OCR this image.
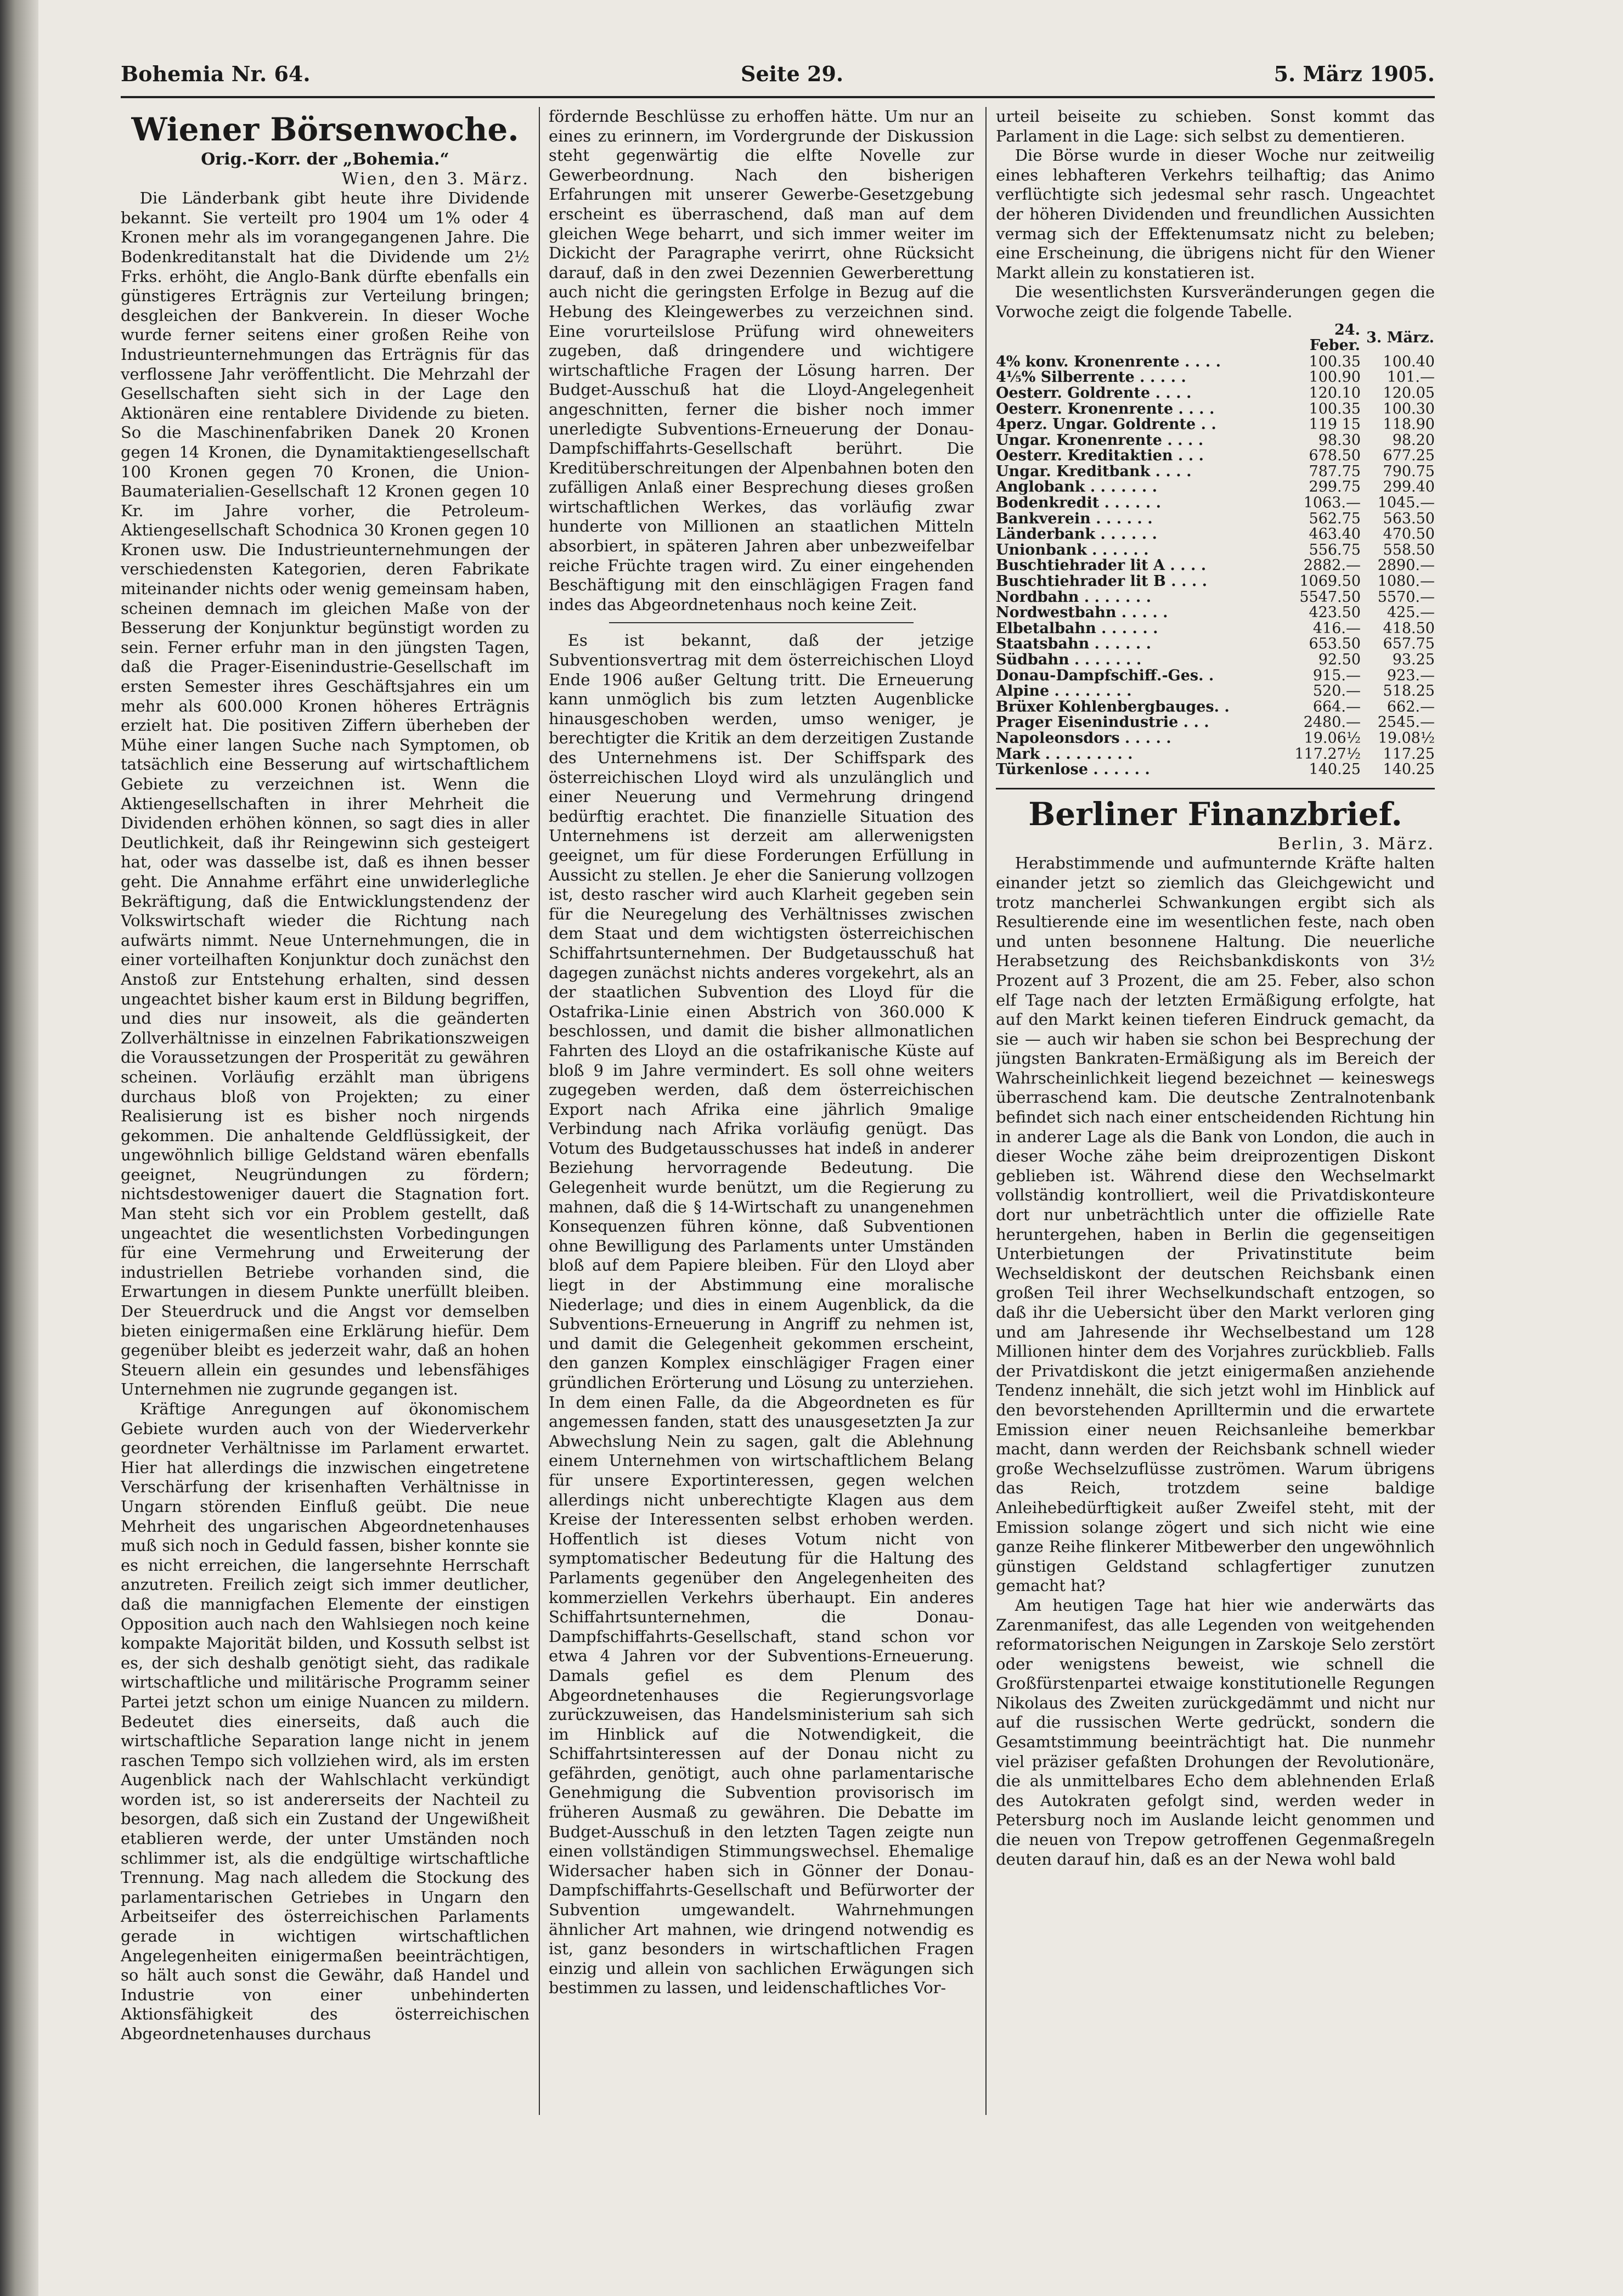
Bohemia Nr. 64.	Seite 29.	5. März 1905.
Wiener Börsenwoche.

Orig.-Korr. der „Bohemia.“

Wien, den 3. März.

Die Länderbank gibt heute ihre Dividende bekannt. Sie verteilt pro 1904 um 1% oder 4 Kronen mehr als im vorangegangenen Jahre. Die Bodenkreditanstalt hat die Dividende um 2½ Frks. erhöht, die Anglo-Bank dürfte ebenfalls ein günstigeres Erträgnis zur Verteilung bringen; desgleichen der Bankverein. In dieser Woche wurde ferner seitens einer großen Reihe von Industrieunternehmungen das Erträgnis für das verflossene Jahr veröffentlicht. Die Mehrzahl der Gesellschaften sieht sich in der Lage den Aktionären eine rentablere Dividende zu bieten. So die Maschinenfabriken Danek 20 Kronen gegen 14 Kronen, die Dynamitaktiengesellschaft 100 Kronen gegen 70 Kronen, die Union-Baumaterialien-Gesellschaft 12 Kronen gegen 10 Kr. im Jahre vorher, die Petroleum-Aktiengesellschaft Schodnica 30 Kronen gegen 10 Kronen usw. Die Industrieunternehmungen der verschiedensten Kategorien, deren Fabrikate miteinander nichts oder wenig gemeinsam haben, scheinen demnach im gleichen Maße von der Besserung der Konjunktur begünstigt worden zu sein. Ferner erfuhr man in den jüngsten Tagen, daß die Prager-Eisenindustrie-Gesellschaft im ersten Semester ihres Geschäftsjahres ein um mehr als 600.000 Kronen höheres Erträgnis erzielt hat. Die positiven Ziffern überheben der Mühe einer langen Suche nach Symptomen, ob tatsächlich eine Besserung auf wirtschaftlichem Gebiete zu verzeichnen ist. Wenn die Aktiengesellschaften in ihrer Mehrheit die Dividenden erhöhen können, so sagt dies in aller Deutlichkeit, daß ihr Reingewinn sich gesteigert hat, oder was dasselbe ist, daß es ihnen besser geht. Die Annahme erfährt eine unwiderlegliche Bekräftigung, daß die Entwicklungstendenz der Volkswirtschaft wieder die Richtung nach aufwärts nimmt. Neue Unternehmungen, die in einer vorteilhaften Konjunktur doch zunächst den Anstoß zur Entstehung erhalten, sind dessen ungeachtet bisher kaum erst in Bildung begriffen, und dies nur insoweit, als die geänderten Zollverhältnisse in einzelnen Fabrikationszweigen die Voraussetzungen der Prosperität zu gewähren scheinen. Vorläufig erzählt man übrigens durchaus bloß von Projekten; zu einer Realisierung ist es bisher noch nirgends gekommen. Die anhaltende Geldflüssigkeit, der ungewöhnlich billige Geldstand wären ebenfalls geeignet, Neugründungen zu fördern; nichtsdestoweniger dauert die Stagnation fort. Man steht sich vor ein Problem gestellt, daß ungeachtet die wesentlichsten Vorbedingungen für eine Vermehrung und Erweiterung der industriellen Betriebe vorhanden sind, die Erwartungen in diesem Punkte unerfüllt bleiben. Der Steuerdruck und die Angst vor demselben bieten einigermaßen eine Erklärung hiefür. Dem gegenüber bleibt es jederzeit wahr, daß an hohen Steuern allein ein gesundes und lebensfähiges Unternehmen nie zugrunde gegangen ist.

Kräftige Anregungen auf ökonomischem Gebiete wurden auch von der Wiederverkehr geordneter Verhältnisse im Parlament erwartet. Hier hat allerdings die inzwischen eingetretene Verschärfung der krisenhaften Verhältnisse in Ungarn störenden Einfluß geübt. Die neue Mehrheit des ungarischen Abgeordnetenhauses muß sich noch in Geduld fassen, bisher konnte sie es nicht erreichen, die langersehnte Herrschaft anzutreten. Freilich zeigt sich immer deutlicher, daß die mannigfachen Elemente der einstigen Opposition auch nach den Wahlsiegen noch keine kompakte Majorität bilden, und Kossuth selbst ist es, der sich deshalb genötigt sieht, das radikale wirtschaftliche und militärische Programm seiner Partei jetzt schon um einige Nuancen zu mildern. Bedeutet dies einerseits, daß auch die wirtschaftliche Separation lange nicht in jenem raschen Tempo sich vollziehen wird, als im ersten Augenblick nach der Wahlschlacht verkündigt worden ist, so ist andererseits der Nachteil zu besorgen, daß sich ein Zustand der Ungewißheit etablieren werde, der unter Umständen noch schlimmer ist, als die endgültige wirtschaftliche Trennung. Mag nach alledem die Stockung des parlamentarischen Getriebes in Ungarn den Arbeitseifer des österreichischen Parlaments gerade in wichtigen wirtschaftlichen Angelegenheiten einigermaßen beeinträchtigen, so hält auch sonst die Gewähr, daß Handel und Industrie von einer unbehinderten Aktionsfähigkeit des österreichischen Abgeordnetenhauses durchaus

fördernde Beschlüsse zu erhoffen hätte. Um nur an eines zu erinnern, im Vordergrunde der Diskussion steht gegenwärtig die elfte Novelle zur Gewerbeordnung. Nach den bisherigen Erfahrungen mit unserer Gewerbe-Gesetzgebung erscheint es überraschend, daß man auf dem gleichen Wege beharrt, und sich immer weiter im Dickicht der Paragraphe verirrt, ohne Rücksicht darauf, daß in den zwei Dezennien Gewerberettung auch nicht die geringsten Erfolge in Bezug auf die Hebung des Kleingewerbes zu verzeichnen sind. Eine vorurteilslose Prüfung wird ohneweiters zugeben, daß dringendere und wichtigere wirtschaftliche Fragen der Lösung harren. Der Budget-Ausschuß hat die Lloyd-Angelegenheit angeschnitten, ferner die bisher noch immer unerledigte Subventions-Erneuerung der Donau-Dampfschiffahrts-Gesellschaft berührt. Die Kreditüberschreitungen der Alpenbahnen boten den zufälligen Anlaß einer Besprechung dieses großen wirtschaftlichen Werkes, das vorläufig zwar hunderte von Millionen an staatlichen Mitteln absorbiert, in späteren Jahren aber unbezweifelbar reiche Früchte tragen wird. Zu einer eingehenden Beschäftigung mit den einschlägigen Fragen fand indes das Abgeordnetenhaus noch keine Zeit.

Es ist bekannt, daß der jetzige Subventionsvertrag mit dem österreichischen Lloyd Ende 1906 außer Geltung tritt. Die Erneuerung kann unmöglich bis zum letzten Augenblicke hinausgeschoben werden, umso weniger, je berechtigter die Kritik an dem derzeitigen Zustande des Unternehmens ist. Der Schiffspark des österreichischen Lloyd wird als unzulänglich und einer Neuerung und Vermehrung dringend bedürftig erachtet. Die finanzielle Situation des Unternehmens ist derzeit am allerwenigsten geeignet, um für diese Forderungen Erfüllung in Aussicht zu stellen. Je eher die Sanierung vollzogen ist, desto rascher wird auch Klarheit gegeben sein für die Neuregelung des Verhältnisses zwischen dem Staat und dem wichtigsten österreichischen Schiffahrtsunternehmen. Der Budgetausschuß hat dagegen zunächst nichts anderes vorgekehrt, als an der staatlichen Subvention des Lloyd für die Ostafrika-Linie einen Abstrich von 360.000 K beschlossen, und damit die bisher allmonatlichen Fahrten des Lloyd an die ostafrikanische Küste auf bloß 9 im Jahre vermindert. Es soll ohne weiters zugegeben werden, daß dem österreichischen Export nach Afrika eine jährlich 9malige Verbindung nach Afrika vorläufig genügt. Das Votum des Budgetausschusses hat indeß in anderer Beziehung hervorragende Bedeutung. Die Gelegenheit wurde benützt, um die Regierung zu mahnen, daß die § 14-Wirtschaft zu unangenehmen Konsequenzen führen könne, daß Subventionen ohne Bewilligung des Parlaments unter Umständen bloß auf dem Papiere bleiben. Für den Lloyd aber liegt in der Abstimmung eine moralische Niederlage; und dies in einem Augenblick, da die Subventions-Erneuerung in Angriff zu nehmen ist, und damit die Gelegenheit gekommen erscheint, den ganzen Komplex einschlägiger Fragen einer gründlichen Erörterung und Lösung zu unterziehen. In dem einen Falle, da die Abgeordneten es für angemessen fanden, statt des unausgesetzten Ja zur Abwechslung Nein zu sagen, galt die Ablehnung einem Unternehmen von wirtschaftlichem Belang für unsere Exportinteressen, gegen welchen allerdings nicht unberechtigte Klagen aus dem Kreise der Interessenten selbst erhoben werden. Hoffentlich ist dieses Votum nicht von symptomatischer Bedeutung für die Haltung des Parlaments gegenüber den Angelegenheiten des kommerziellen Verkehrs überhaupt. Ein anderes Schiffahrtsunternehmen, die Donau-Dampfschiffahrts-Gesellschaft, stand schon vor etwa 4 Jahren vor der Subventions-Erneuerung. Damals gefiel es dem Plenum des Abgeordnetenhauses die Regierungsvorlage zurückzuweisen, das Handelsministerium sah sich im Hinblick auf die Notwendigkeit, die Schiffahrtsinteressen auf der Donau nicht zu gefährden, genötigt, auch ohne parlamentarische Genehmigung die Subvention provisorisch im früheren Ausmaß zu gewähren. Die Debatte im Budget-Ausschuß in den letzten Tagen zeigte nun einen vollständigen Stimmungswechsel. Ehemalige Widersacher haben sich in Gönner der Donau-Dampfschiffahrts-Gesellschaft und Befürworter der Subvention umgewandelt. Wahrnehmungen ähnlicher Art mahnen, wie dringend notwendig es ist, ganz besonders in wirtschaftlichen Fragen einzig und allein von sachlichen Erwägungen sich bestimmen zu lassen, und leidenschaftliches Vor-

urteil beiseite zu schieben. Sonst kommt das Parlament in die Lage: sich selbst zu dementieren.

Die Börse wurde in dieser Woche nur zeitweilig eines lebhafteren Verkehrs teilhaftig; das Animo verflüchtigte sich jedesmal sehr rasch. Ungeachtet der höheren Dividenden und freundlichen Aussichten vermag sich der Effektenumsatz nicht zu beleben; eine Erscheinung, die übrigens nicht für den Wiener Markt allein zu konstatieren ist.

Die wesentlichsten Kursveränderungen gegen die Vorwoche zeigt die folgende Tabelle.

	24. Feber.	3. März.
4% konv. Kronenrente . . . .	100.35	100.40
4⅕% Silberrente . . . . .	100.90	101.—
Oesterr. Goldrente . . . .	120.10	120.05
Oesterr. Kronenrente . . . .	100.35	100.30
4perz. Ungar. Goldrente . .	119 15	118.90
Ungar. Kronenrente . . . .	98.30	98.20
Oesterr. Kreditaktien . . .	678.50	677.25
Ungar. Kreditbank . . . .	787.75	790.75
Anglobank . . . . . . .	299.75	299.40
Bodenkredit . . . . . .	1063.—	1045.—
Bankverein . . . . . .	562.75	563.50
Länderbank . . . . . .	463.40	470.50
Unionbank . . . . . .	556.75	558.50
Buschtiehrader lit A . . . .	2882.—	2890.—
Buschtiehrader lit B . . . .	1069.50	1080.—
Nordbahn . . . . . . .	5547.50	5570.—
Nordwestbahn . . . . .	423.50	425.—
Elbetalbahn . . . . . .	416.—	418.50
Staatsbahn . . . . . .	653.50	657.75
Südbahn . . . . . . .	92.50	93.25
Donau-Dampfschiff.-Ges. .	915.—	923.—
Alpine . . . . . . . .	520.—	518.25
Brüxer Kohlenbergbauges. .	664.—	662.—
Prager Eisenindustrie . . .	2480.—	2545.—
Napoleonsdors . . . . .	19.06½	19.08½
Mark . . . . . . . . .	117.27½	117.25
Türkenlose . . . . . .	140.25	140.25
Berliner Finanzbrief.

Berlin, 3. März.

Herabstimmende und aufmunternde Kräfte halten einander jetzt so ziemlich das Gleichgewicht und trotz mancherlei Schwankungen ergibt sich als Resultierende eine im wesentlichen feste, nach oben und unten besonnene Haltung. Die neuerliche Herabsetzung des Reichsbankdiskonts von 3½ Prozent auf 3 Prozent, die am 25. Feber, also schon elf Tage nach der letzten Ermäßigung erfolgte, hat auf den Markt keinen tieferen Eindruck gemacht, da sie — auch wir haben sie schon bei Besprechung der jüngsten Bankraten-Ermäßigung als im Bereich der Wahrscheinlichkeit liegend bezeichnet — keineswegs überraschend kam. Die deutsche Zentralnotenbank befindet sich nach einer entscheidenden Richtung hin in anderer Lage als die Bank von London, die auch in dieser Woche zähe beim dreiprozentigen Diskont geblieben ist. Während diese den Wechselmarkt vollständig kontrolliert, weil die Privatdiskonteure dort nur unbeträchtlich unter die offizielle Rate heruntergehen, haben in Berlin die gegenseitigen Unterbietungen der Privatinstitute beim Wechseldiskont der deutschen Reichsbank einen großen Teil ihrer Wechselkundschaft entzogen, so daß ihr die Uebersicht über den Markt verloren ging und am Jahresende ihr Wechselbestand um 128 Millionen hinter dem des Vorjahres zurückblieb. Falls der Privatdiskont die jetzt einigermaßen anziehende Tendenz innehält, die sich jetzt wohl im Hinblick auf den bevorstehenden Aprilltermin und die erwartete Emission einer neuen Reichsanleihe bemerkbar macht, dann werden der Reichsbank schnell wieder große Wechselzuflüsse zuströmen. Warum übrigens das Reich, trotzdem seine baldige Anleihebedürftigkeit außer Zweifel steht, mit der Emission solange zögert und sich nicht wie eine ganze Reihe flinkerer Mitbewerber den ungewöhnlich günstigen Geldstand schlagfertiger zunutzen gemacht hat?

Am heutigen Tage hat hier wie anderwärts das Zarenmanifest, das alle Legenden von weitgehenden reformatorischen Neigungen in Zarskoje Selo zerstört oder wenigstens beweist, wie schnell die Großfürstenpartei etwaige konstitutionelle Regungen Nikolaus des Zweiten zurückgedämmt und nicht nur auf die russischen Werte gedrückt, sondern die Gesamtstimmung beeinträchtigt hat. Die nunmehr viel präziser gefaßten Drohungen der Revolutionäre, die als unmittelbares Echo dem ablehnenden Erlaß des Autokraten gefolgt sind, werden weder in Petersburg noch im Auslande leicht genommen und die neuen von Trepow getroffenen Gegenmaßregeln deuten darauf hin, daß es an der Newa wohl bald
